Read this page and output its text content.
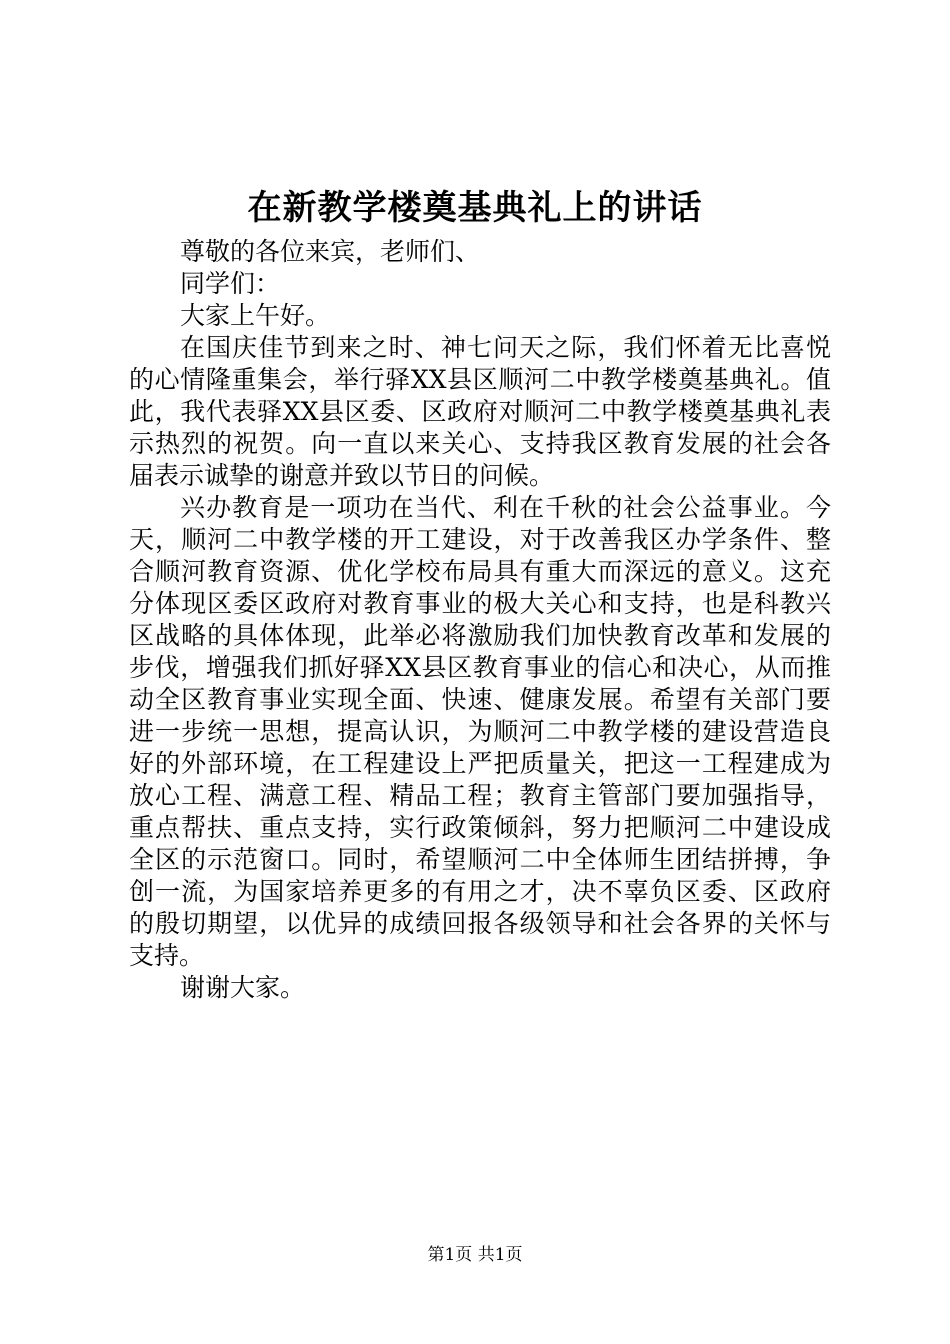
在新教学楼奠基典礼上的讲话
尊敬的各位来宾，老师们、
同学们：
大家上午好。
在国庆佳节到来之时、神七问天之际，我们怀着无比喜悦
的心情隆重集会，举行驿XX县区顺河二中教学楼奠基典礼。值
此，我代表驿XX县区委、区政府对顺河二中教学楼奠基典礼表
示热烈的祝贺。向一直以来关心、支持我区教育发展的社会各
届表示诚挚的谢意并致以节日的问候。
兴办教育是一项功在当代、利在千秋的社会公益事业。今
天，顺河二中教学楼的开工建设，对于改善我区办学条件、整
合顺河教育资源、优化学校布局具有重大而深远的意义。这充
分体现区委区政府对教育事业的极大关心和支持，也是科教兴
区战略的具体体现，此举必将激励我们加快教育改革和发展的
步伐，增强我们抓好驿XX县区教育事业的信心和决心，从而推
动全区教育事业实现全面、快速、健康发展。希望有关部门要
进一步统一思想，提高认识，为顺河二中教学楼的建设营造良
好的外部环境，在工程建设上严把质量关，把这一工程建成为
放心工程、满意工程、精品工程；教育主管部门要加强指导，
重点帮扶、重点支持，实行政策倾斜，努力把顺河二中建设成
全区的示范窗口。同时，希望顺河二中全体师生团结拼搏，争
创一流，为国家培养更多的有用之才，决不辜负区委、区政府
的殷切期望，以优异的成绩回报各级领导和社会各界的关怀与
支持。
谢谢大家。
第1页 共1页
